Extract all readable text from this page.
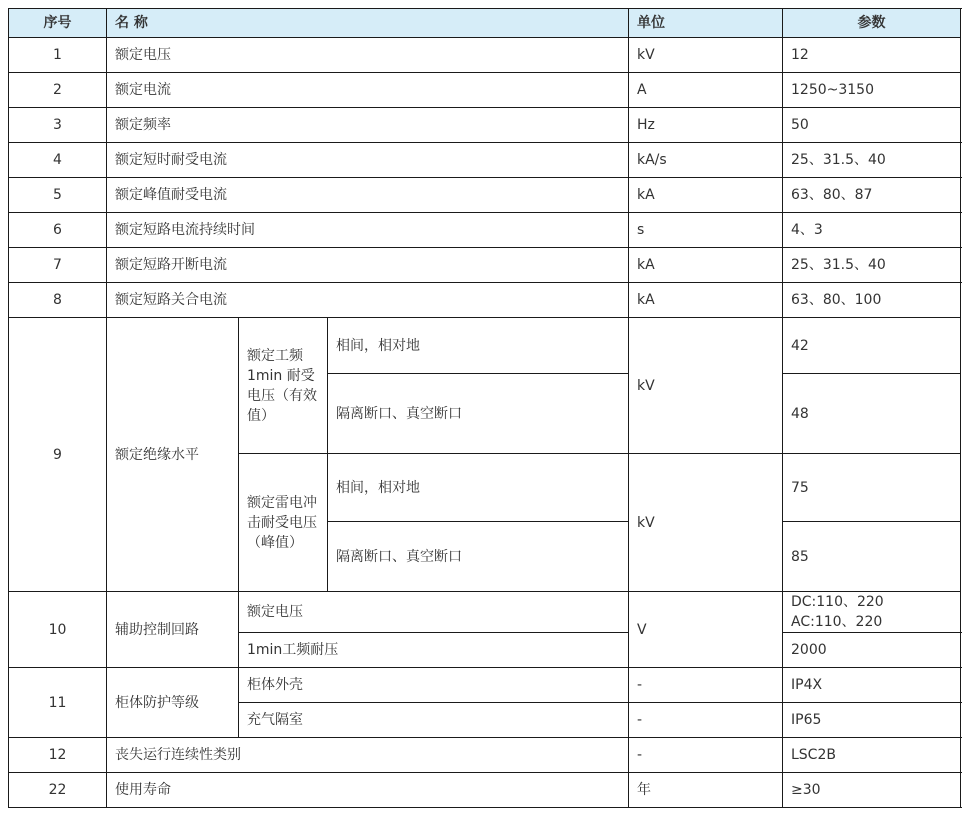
序号	名 称			单位	参数	
1	额定电压			kV	12	
2	额定电流			A	1250~3150	
3	额定频率			Hz	50	
4	额定短时耐受电流			kA/s	25、31.5、40	
5	额定峰值耐受电流			kA	63、80、87	
6	额定短路电流持续时间			s	4、3	
7	额定短路开断电流			kA	25、31.5、40	
8	额定短路关合电流			kA	63、80、100	
9	额定绝缘水平	额定工频1min 耐受电压（有效值）	相间，相对地	kV	42	
			隔离断口、真空断口		48	
		额定雷电冲击耐受电压（峰值）	相间，相对地	kV	75	
			隔离断口、真空断口		85	
10	辅助控制回路	额定电压		V	DC:110、220 AC:110、220	
		1min工频耐压			2000	
11	柜体防护等级	柜体外壳		-	IP4X	
		充气隔室		-	IP65	
12	丧失运行连续性类别			-	LSC2B	
22	使用寿命			年	≥30	
